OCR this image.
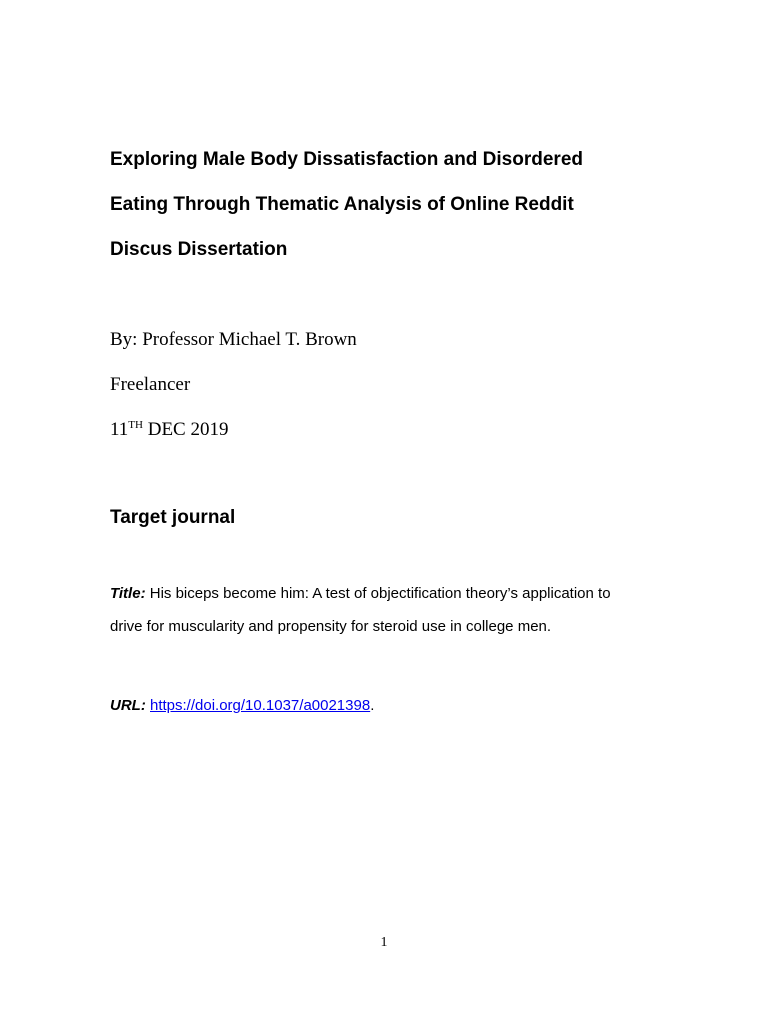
Exploring Male Body Dissatisfaction and Disordered
Eating Through Thematic Analysis of Online Reddit
Discus Dissertation
By: Professor Michael T. Brown
Freelancer
11TH DEC 2019
Target journal
Title: His biceps become him: A test of objectification theory’s application to
drive for muscularity and propensity for steroid use in college men.
URL: https://doi.org/10.1037/a0021398.
1
